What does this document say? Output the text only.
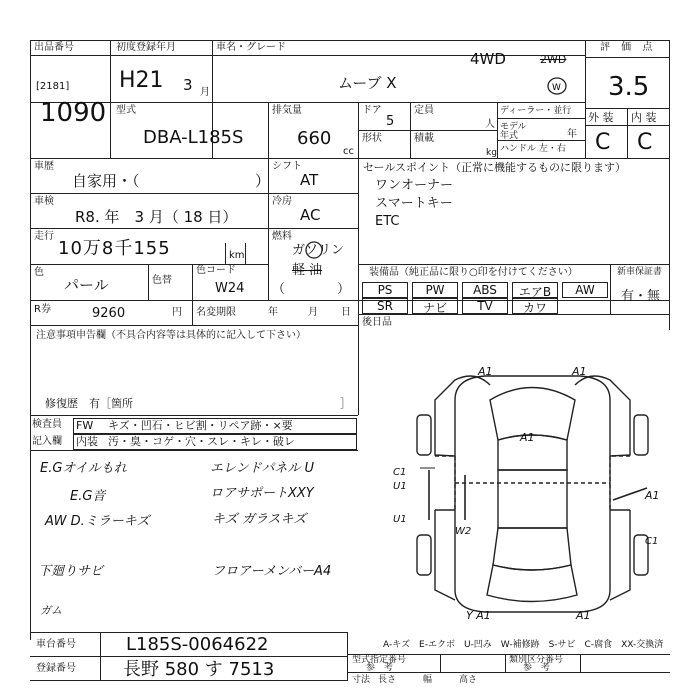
出品番号
[2181]
1090
初度登録年月
H21 3 月
車名・グレード
4WD	2WD
ムーブ X	W
評 価 点
3.5
外 装 内 装
C C
型式
DBA-L185S
排気量
660
cc
ドア
5
形状
定員
人
積載
kg
ディーラー・並行
モデル年式	年
ハンドル 左・右
車歴
自家用・（	）
車検
R8. 年　3 月（ 18 日）
走行
10万8千155	km
色
パール	色替
色コード
W24
シフト
AT
冷房
AC
燃料
ガソリン
軽 油
（　　　　）
セールスポイント（正常に機能するものに限ります）
ワンオーナー
スマートキー
ETC
装備品（純正品に限り○印を付けてください）
PS	PW	ABS	エアB	AW
SR	ナビ	TV	カワ
新車保証書
有・無
後日品
R券	9260	円 名変期限	年	月 日
注意事項申告欄（不具合内容等は具体的に記入して下さい）
修復歴　有［箇所	］
検査員
記入欄
FW キズ・凹石・ヒビ割・リペア跡・×要
内装 汚・臭・コゲ・穴・スレ・キレ・破レ
E.Gオイルもれ
E.G音
AW D.ミラーキズ
下廻りサビ
ガム
エレンドパネル U
ロアサポートXXY
キズ ガラスキズ
フロアーメンバーA4
A1	A1
A1
A1
C1
U1
U1
W2
C1
Y A1	A1
車台番号	L185S-0064622
登録番号	長野 580 す 7513
A-キズ　E-エクボ　U-凹み　W-補修跡　S-サビ　C-腐食　XX-交換済
型式指定番号
参　考
類別区分番号
参　考
寸法 長さ　　　幅　　　高さ
